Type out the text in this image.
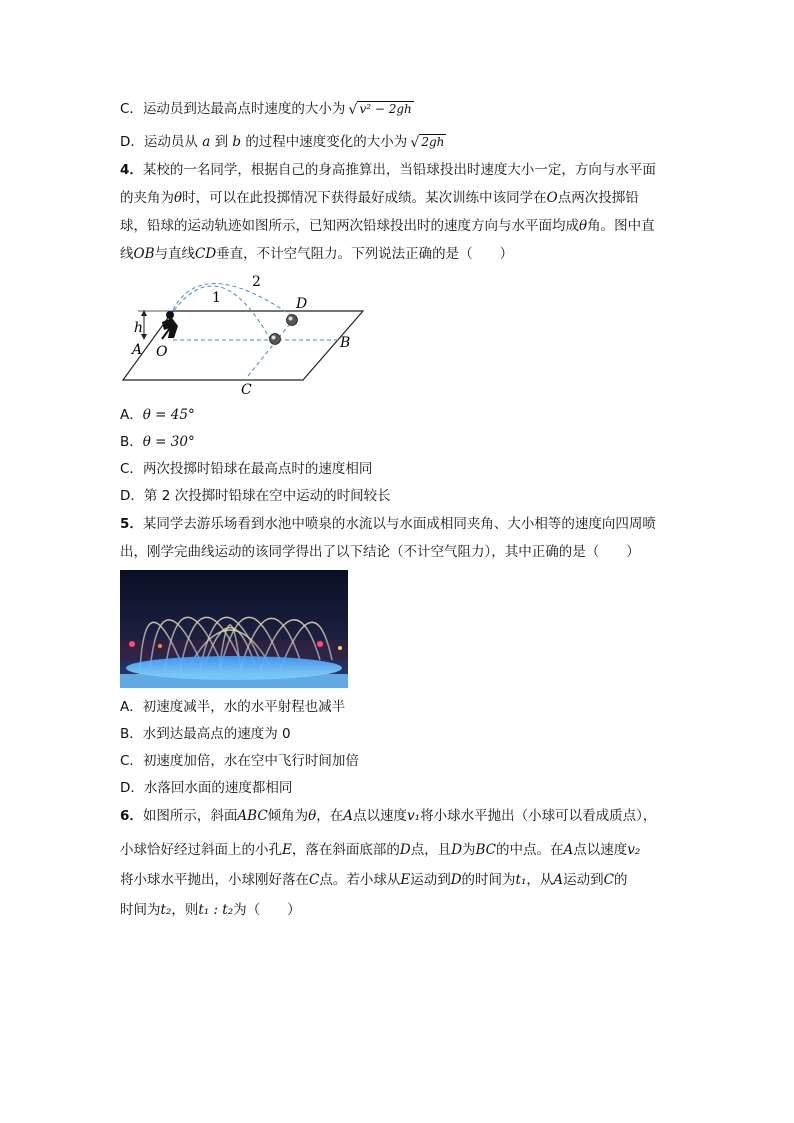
C．运动员到达最高点时速度的大小为 √ v² − 2gh
D．运动员从 a 到 b 的过程中速度变化的大小为 √ 2gh
4．某校的一名同学，根据自己的身高推算出，当铅球投出时速度大小一定，方向与水平面
的夹角为θ时，可以在此投掷情况下获得最好成绩。某次训练中该同学在O点两次投掷铅
球，铅球的运动轨迹如图所示，已知两次铅球投出时的速度方向与水平面均成θ角。图中直
线OB与直线CD垂直，不计空气阻力。下列说法正确的是（　　）
h
A O
B
C
D
1
2
A．θ = 45°
B．θ = 30°
C．两次投掷时铅球在最高点时的速度相同
D．第 2 次投掷时铅球在空中运动的时间较长
5．某同学去游乐场看到水池中喷泉的水流以与水面成相同夹角、大小相等的速度向四周喷
出，刚学完曲线运动的该同学得出了以下结论（不计空气阻力），其中正确的是（　　）
A．初速度减半，水的水平射程也减半
B．水到达最高点的速度为 0
C．初速度加倍，水在空中飞行时间加倍
D．水落回水面的速度都相同
6．如图所示，斜面ABC倾角为θ，在A点以速度v₁将小球水平抛出（小球可以看成质点），
小球恰好经过斜面上的小孔E，落在斜面底部的D点，且D为BC的中点。在A点以速度v₂
将小球水平抛出，小球刚好落在C点。若小球从E运动到D的时间为t₁，从A运动到C的
时间为t₂，则t₁ : t₂为（　　）
